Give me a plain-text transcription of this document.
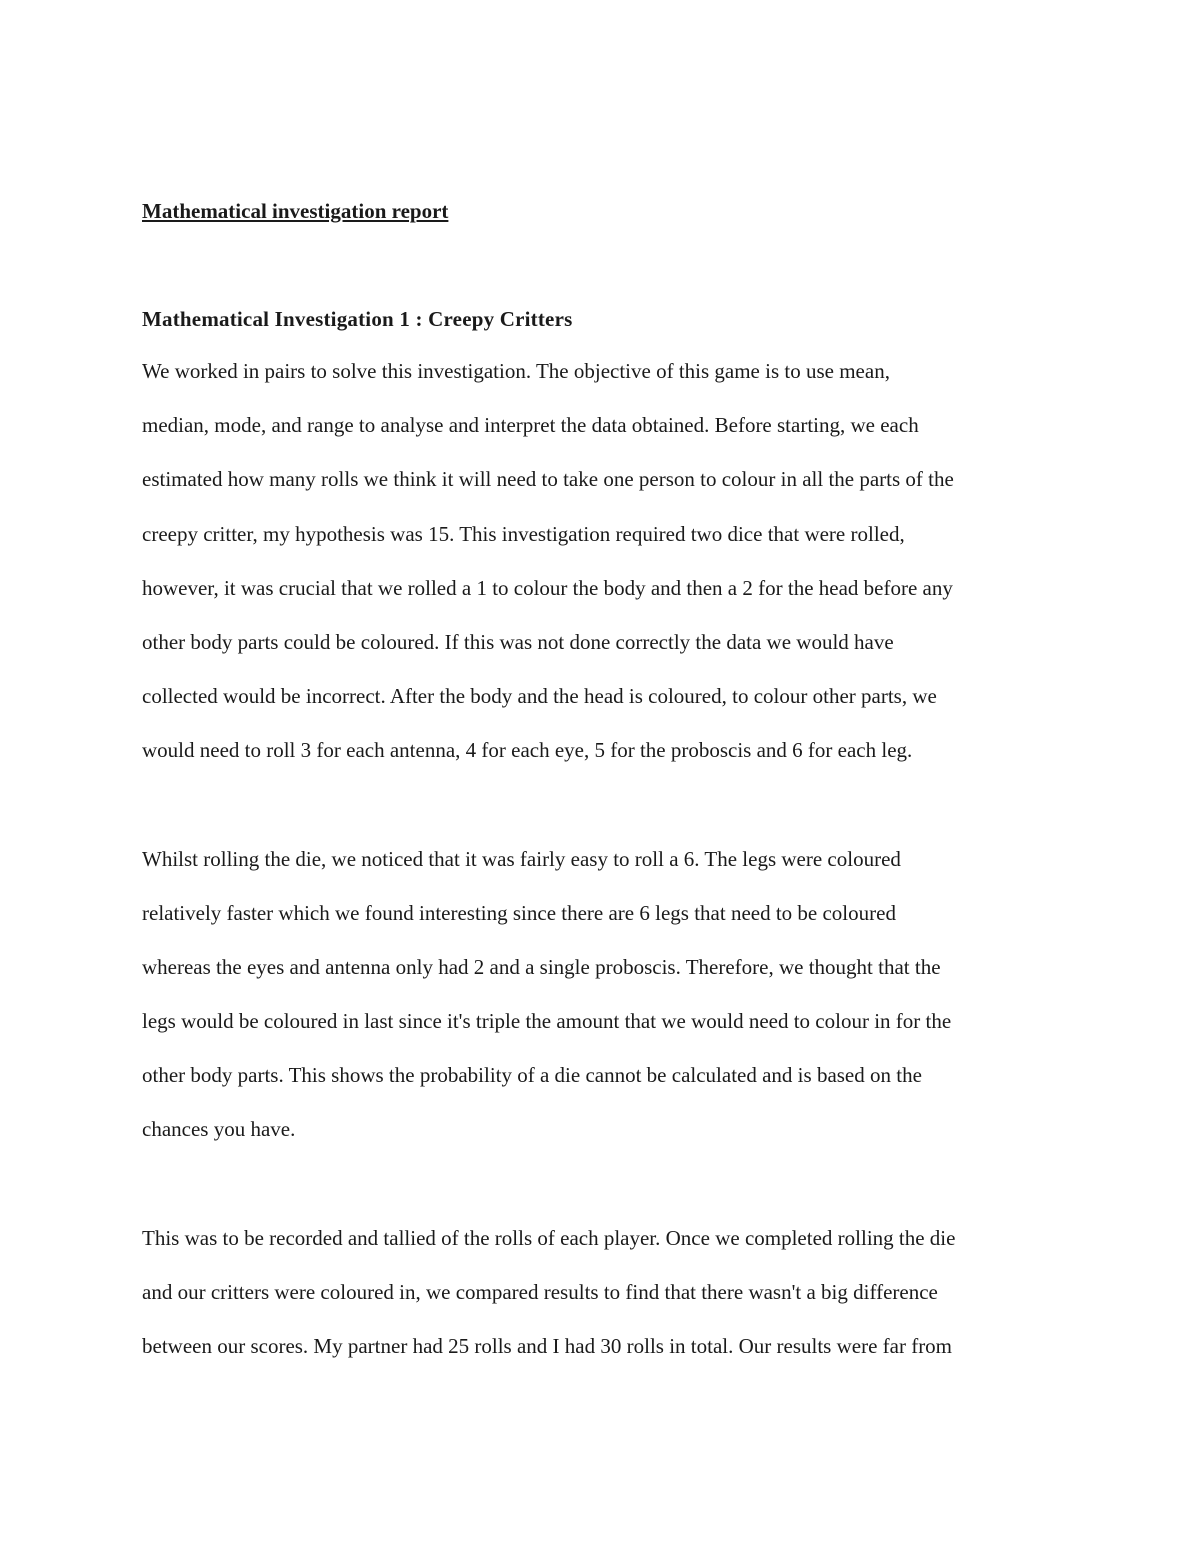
Mathematical investigation report
Mathematical Investigation 1 : Creepy Critters
We worked in pairs to solve this investigation. The objective of this game is to use mean,
median, mode, and range to analyse and interpret the data obtained. Before starting, we each
estimated how many rolls we think it will need to take one person to colour in all the parts of the
creepy critter, my hypothesis was 15. This investigation required two dice that were rolled,
however, it was crucial that we rolled a 1 to colour the body and then a 2 for the head before any
other body parts could be coloured. If this was not done correctly the data we would have
collected would be incorrect. After the body and the head is coloured, to colour other parts, we
would need to roll 3 for each antenna, 4 for each eye, 5 for the proboscis and 6 for each leg.
Whilst rolling the die, we noticed that it was fairly easy to roll a 6. The legs were coloured
relatively faster which we found interesting since there are 6 legs that need to be coloured
whereas the eyes and antenna only had 2 and a single proboscis. Therefore, we thought that the
legs would be coloured in last since it's triple the amount that we would need to colour in for the
other body parts. This shows the probability of a die cannot be calculated and is based on the
chances you have.
This was to be recorded and tallied of the rolls of each player. Once we completed rolling the die
and our critters were coloured in, we compared results to find that there wasn't a big difference
between our scores. My partner had 25 rolls and I had 30 rolls in total. Our results were far from
